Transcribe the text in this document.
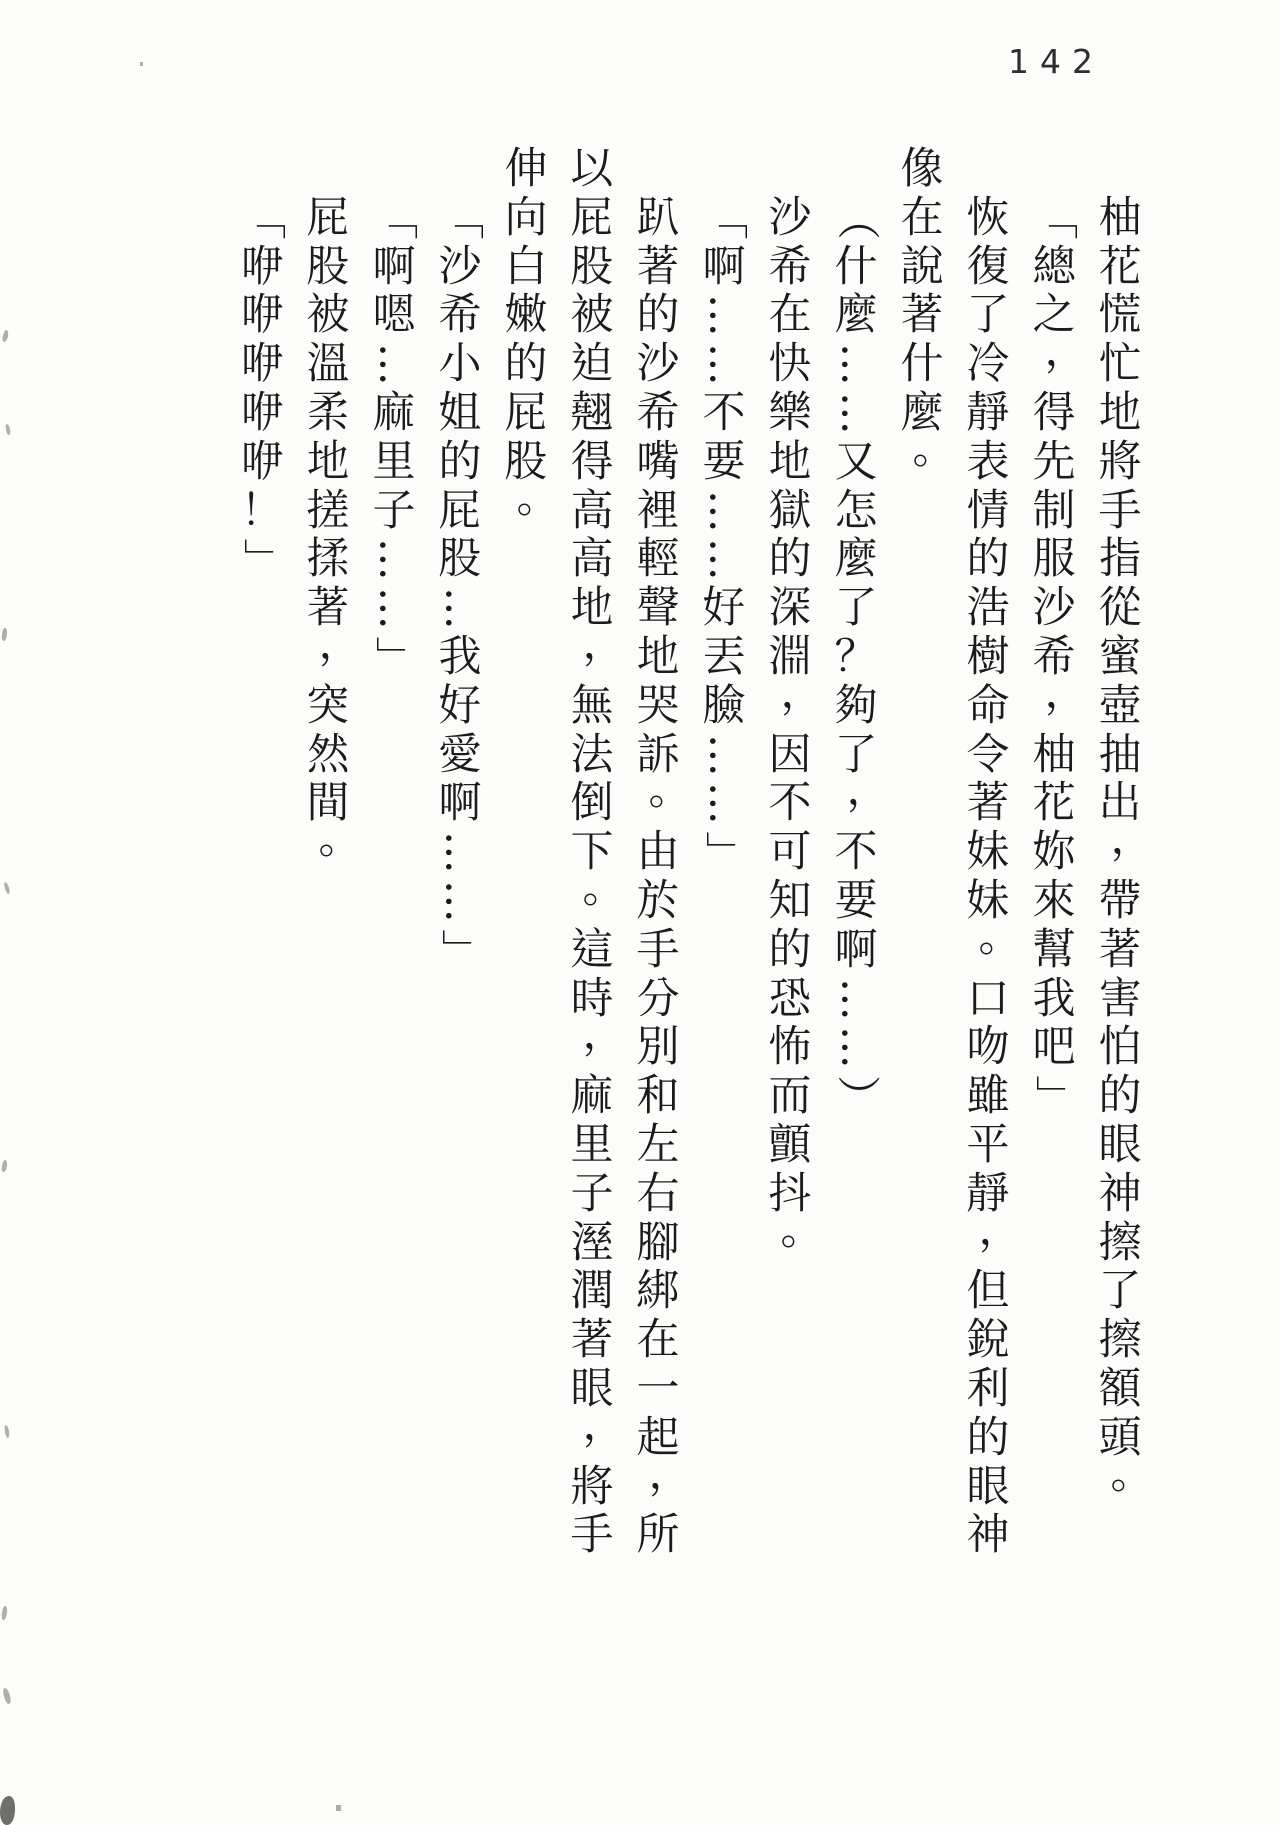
142
柚
花
慌
忙
地
將
手
指
從
蜜
壺
抽
出
，
帶
著
害
怕
的
眼
神
擦
了
擦
額
頭
。
「
總
之
，
得
先
制
服
沙
希
，
柚
花
妳
來
幫
我
吧
」
恢
復
了
冷
靜
表
情
的
浩
樹
命
令
著
妹
妹
。
口
吻
雖
平
靜
，
但
銳
利
的
眼
神
像
在
說
著
什
麼
。
（
什
麼
…
…
又
怎
麼
了
？
夠
了
，
不
要
啊
…
…
）
沙
希
在
快
樂
地
獄
的
深
淵
，
因
不
可
知
的
恐
怖
而
顫
抖
。
「
啊
…
…
不
要
…
…
好
丟
臉
…
…
」
趴
著
的
沙
希
嘴
裡
輕
聲
地
哭
訴
。
由
於
手
分
別
和
左
右
腳
綁
在
一
起
，
所
以
屁
股
被
迫
翹
得
高
高
地
，
無
法
倒
下
。
這
時
，
麻
里
子
溼
潤
著
眼
，
將
手
伸
向
白
嫩
的
屁
股
。
「
沙
希
小
姐
的
屁
股
…
我
好
愛
啊
…
…
」
「
啊
嗯
…
麻
里
子
…
…
」
屁
股
被
溫
柔
地
搓
揉
著
，
突
然
間
。
「
咿
咿
咿
咿
咿
！
」
